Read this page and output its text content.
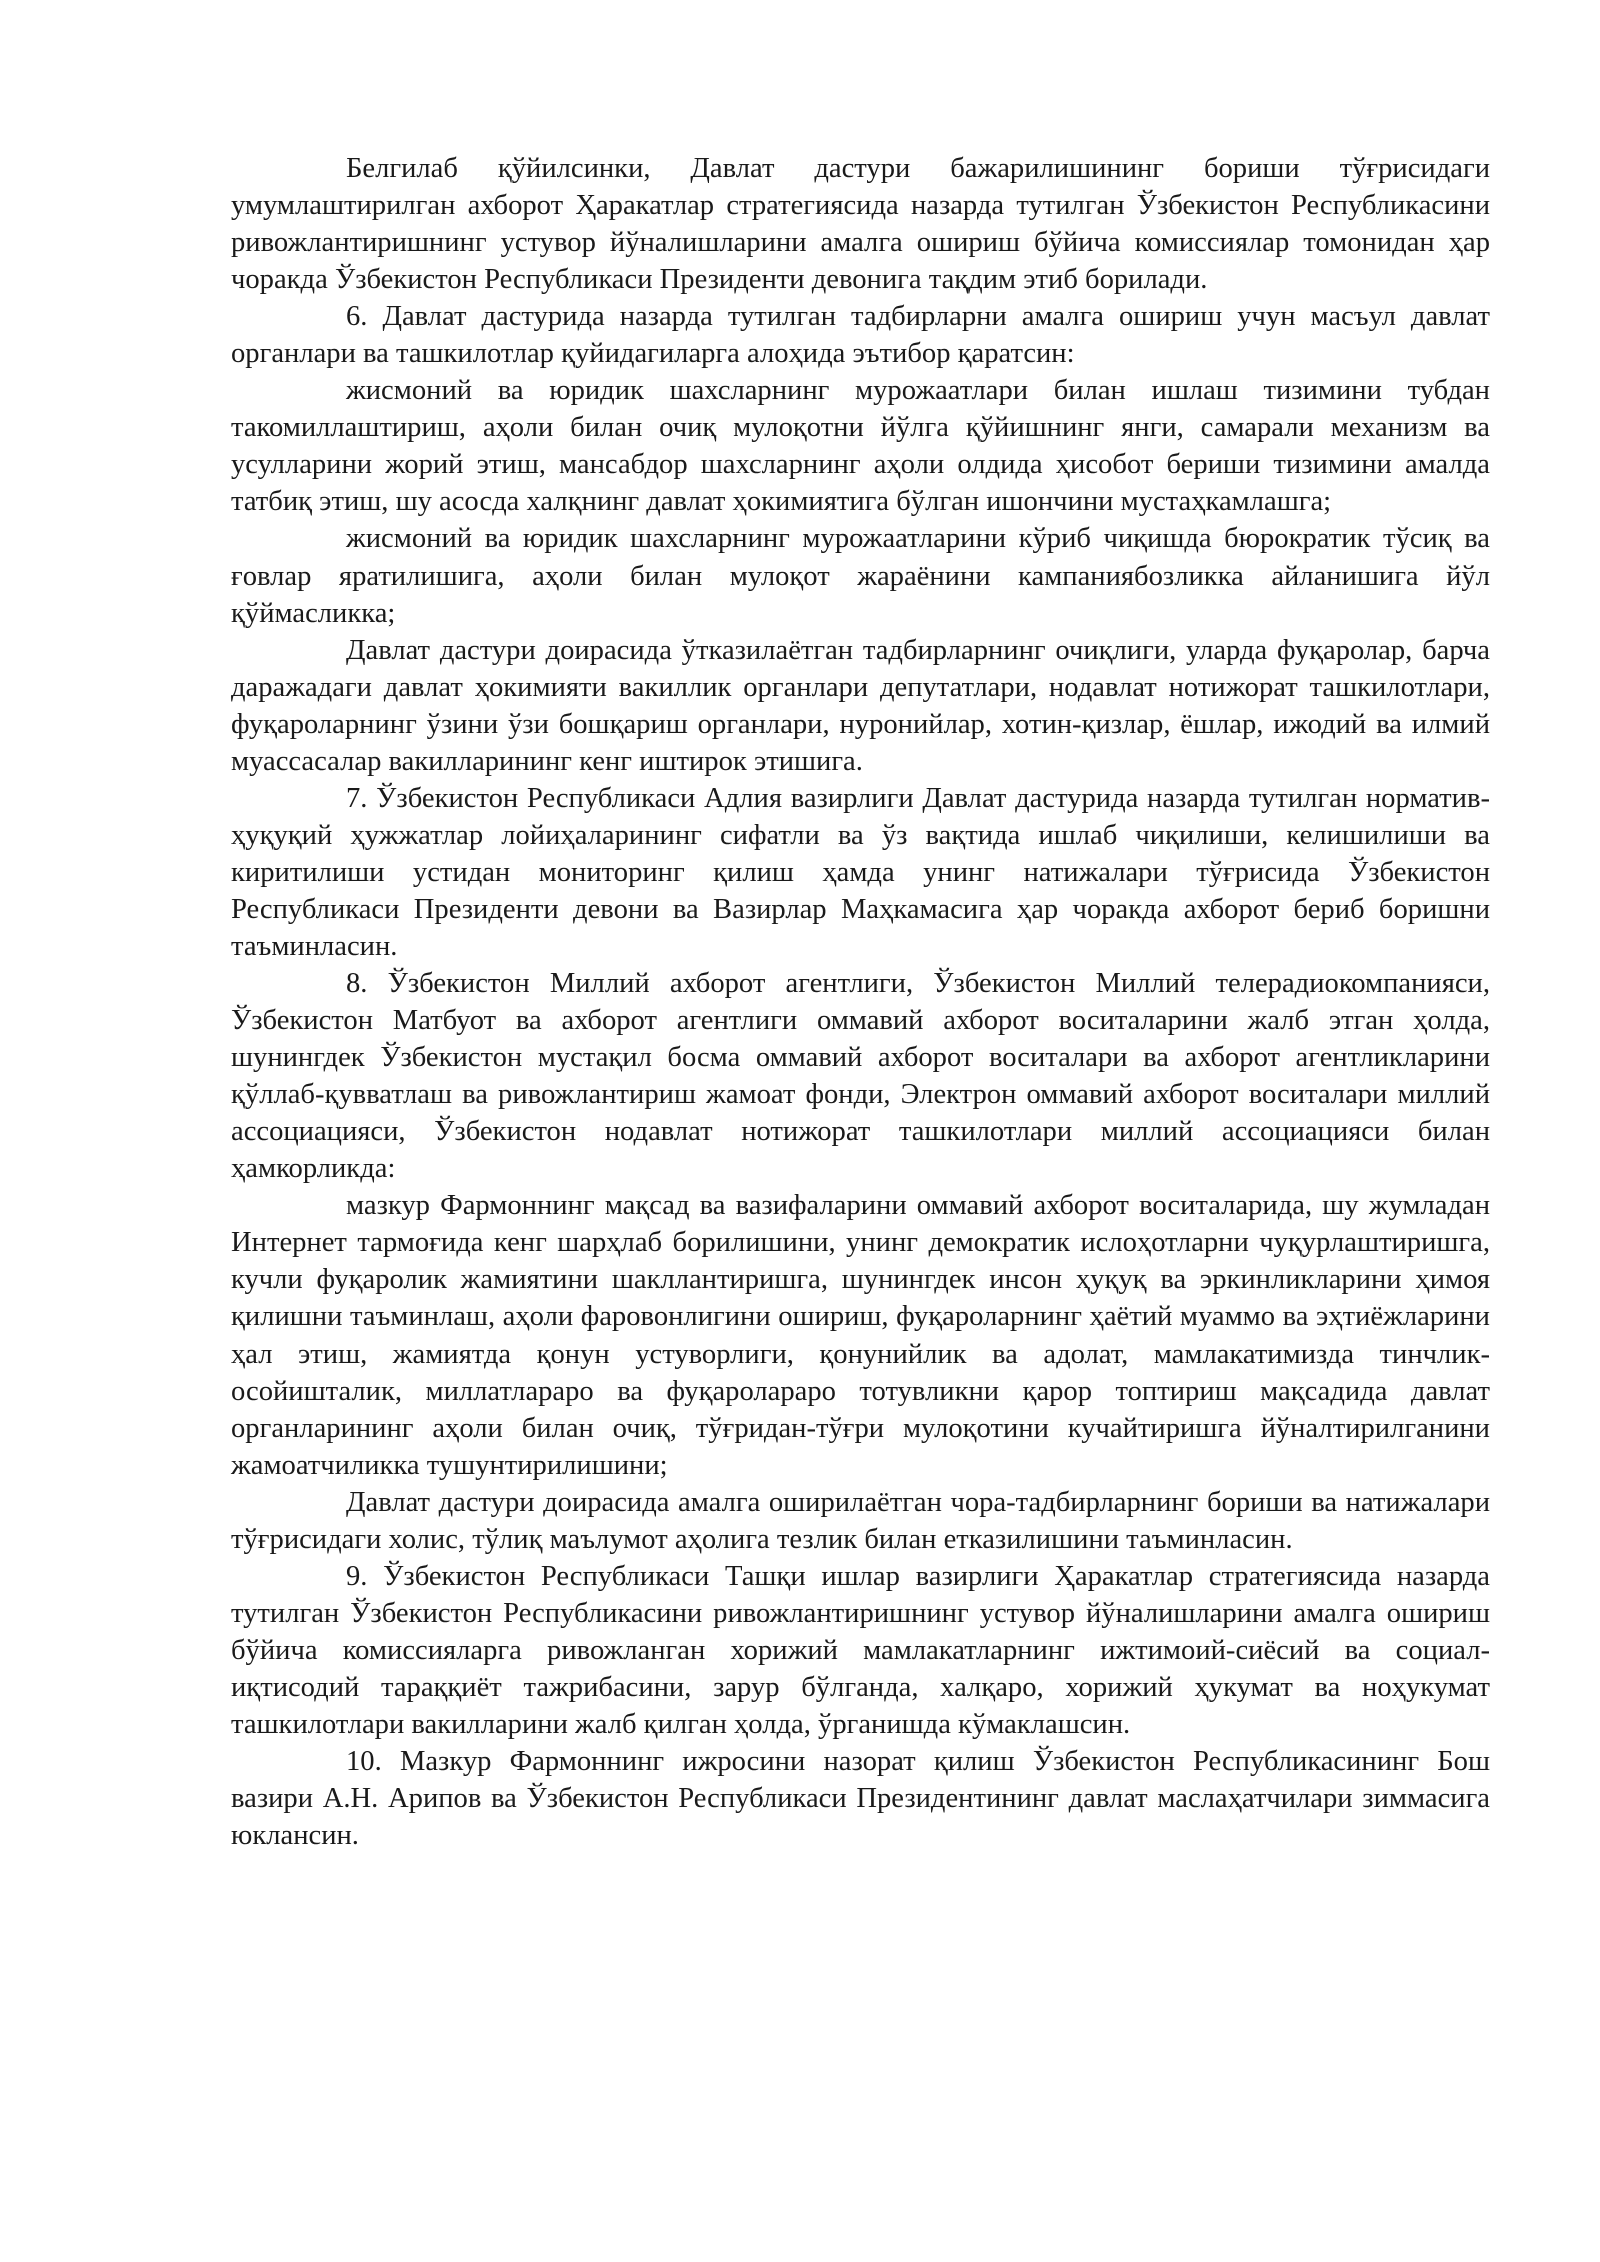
Белгилаб қўйилсинки, Давлат дастури бажарилишининг бориши тўғрисидаги умумлаштирилган ахборот Ҳаракатлар стратегиясида назарда тутилган Ўзбекистон Республикасини ривожлантиришнинг устувор йўналишларини амалга ошириш бўйича комиссиялар томонидан ҳар чоракда Ўзбекистон Республикаси Президенти девонига тақдим этиб борилади.

6. Давлат дастурида назарда тутилган тадбирларни амалга ошириш учун масъул давлат органлари ва ташкилотлар қуйидагиларга алоҳида эътибор қаратсин:

жисмоний ва юридик шахсларнинг мурожаатлари билан ишлаш тизимини тубдан такомиллаштириш, аҳоли билан очиқ мулоқотни йўлга қўйишнинг янги, самарали механизм ва усулларини жорий этиш, мансабдор шахсларнинг аҳоли олдида ҳисобот бериши тизимини амалда татбиқ этиш, шу асосда халқнинг давлат ҳокимиятига бўлган ишончини мустаҳкамлашга;

жисмоний ва юридик шахсларнинг мурожаатларини кўриб чиқишда бюрократик тўсиқ ва ғовлар яратилишига, аҳоли билан мулоқот жараёнини кампаниябозликка айланишига йўл қўймасликка;

Давлат дастури доирасида ўтказилаётган тадбирларнинг очиқлиги, уларда фуқаролар, барча даражадаги давлат ҳокимияти вакиллик органлари депутатлари, нодавлат нотижорат ташкилотлари, фуқароларнинг ўзини ўзи бошқариш органлари, нуронийлар, хотин-қизлар, ёшлар, ижодий ва илмий муассасалар вакилларининг кенг иштирок этишига.

7. Ўзбекистон Республикаси Адлия вазирлиги Давлат дастурида назарда тутилган норматив-ҳуқуқий ҳужжатлар лойиҳаларининг сифатли ва ўз вақтида ишлаб чиқилиши, келишилиши ва киритилиши устидан мониторинг қилиш ҳамда унинг натижалари тўғрисида Ўзбекистон Республикаси Президенти девони ва Вазирлар Маҳкамасига ҳар чоракда ахборот бериб боришни таъминласин.

8. Ўзбекистон Миллий ахборот агентлиги, Ўзбекистон Миллий телерадиокомпанияси, Ўзбекистон Матбуот ва ахборот агентлиги оммавий ахборот воситаларини жалб этган ҳолда, шунингдек Ўзбекистон мустақил босма оммавий ахборот воситалари ва ахборот агентликларини қўллаб-қувватлаш ва ривожлантириш жамоат фонди, Электрон оммавий ахборот воситалари миллий ассоциацияси, Ўзбекистон нодавлат нотижорат ташкилотлари миллий ассоциацияси билан ҳамкорликда:

мазкур Фармоннинг мақсад ва вазифаларини оммавий ахборот воситаларида, шу жумладан Интернет тармоғида кенг шарҳлаб борилишини, унинг демократик ислоҳотларни чуқурлаштиришга, кучли фуқаролик жамиятини шакллантиришга, шунингдек инсон ҳуқуқ ва эркинликларини ҳимоя қилишни таъминлаш, аҳоли фаровонлигини ошириш, фуқароларнинг ҳаётий муаммо ва эҳтиёжларини ҳал этиш, жамиятда қонун устуворлиги, қонунийлик ва адолат, мамлакатимизда тинчлик-осойишталик, миллатлараро ва фуқаролараро тотувликни қарор топтириш мақсадида давлат органларининг аҳоли билан очиқ, тўғридан-тўғри мулоқотини кучайтиришга йўналтирилганини жамоатчиликка тушунтирилишини;

Давлат дастури доирасида амалга оширилаётган чора-тадбирларнинг бориши ва натижалари тўғрисидаги холис, тўлиқ маълумот аҳолига тезлик билан етказилишини таъминласин.

9. Ўзбекистон Республикаси Ташқи ишлар вазирлиги Ҳаракатлар стратегиясида назарда тутилган Ўзбекистон Республикасини ривожлантиришнинг устувор йўналишларини амалга ошириш бўйича комиссияларга ривожланган хорижий мамлакатларнинг ижтимоий-сиёсий ва социал-иқтисодий тараққиёт тажрибасини, зарур бўлганда, халқаро, хорижий ҳукумат ва ноҳукумат ташкилотлари вакилларини жалб қилган ҳолда, ўрганишда кўмаклашсин.

10. Мазкур Фармоннинг ижросини назорат қилиш Ўзбекистон Республикасининг Бош вазири А.Н. Арипов ва Ўзбекистон Республикаси Президентининг давлат маслаҳатчилари зиммасига юклансин.
